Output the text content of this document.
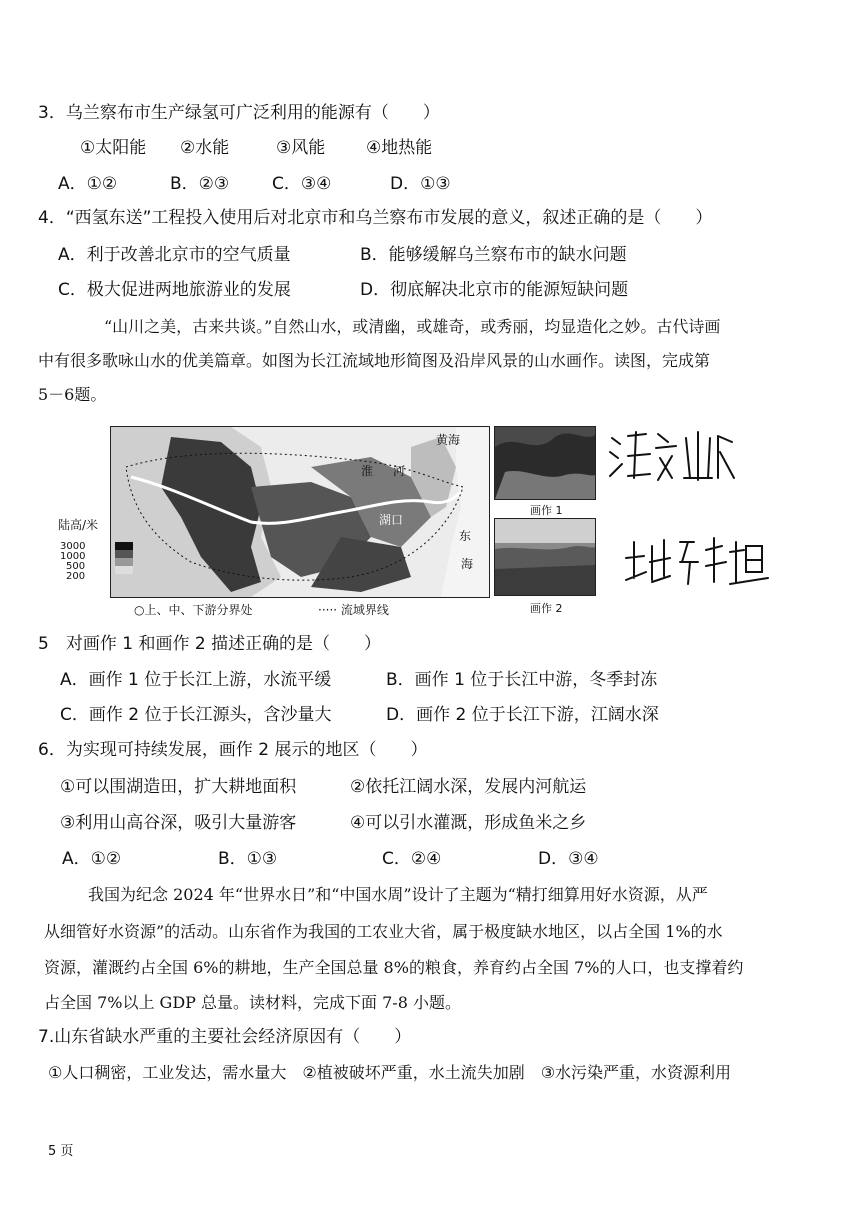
3．乌兰察布市生产绿氢可广泛利用的能源有（　　）
①太阳能 ②水能	③风能 ④地热能
A．①②	B．②③	C．③④	D．①③
4．“西氢东送”工程投入使用后对北京市和乌兰察布市发展的意义，叙述正确的是（　　）
A．利于改善北京市的空气质量	B．能够缓解乌兰察布市的缺水问题
C．极大促进两地旅游业的发展	D．彻底解决北京市的能源短缺问题
“山川之美，古来共谈。”自然山水，或清幽，或雄奇，或秀丽，均显造化之妙。古代诗画
中有很多歌咏山水的优美篇章。如图为长江流域地形简图及沿岸风景的山水画作。读图，完成第
5－6题。
黄海
淮 河
湖口
东
海
陆高/米
3000
1000
500
200
○上、中、下游分界处	····· 流域界线
画作 1
画作 2
5　对画作 1 和画作 2 描述正确的是（　　）
A．画作 1 位于长江上游，水流平缓	B．画作 1 位于长江中游，冬季封冻
C．画作 2 位于长江源头，含沙量大	D．画作 2 位于长江下游，江阔水深
6．为实现可持续发展，画作 2 展示的地区（　　）
①可以围湖造田，扩大耕地面积	②依托江阔水深，发展内河航运
③利用山高谷深，吸引大量游客	④可以引水灌溉，形成鱼米之乡
A．①②	B．①③	C．②④	D．③④
我国为纪念 2024 年“世界水日”和“中国水周”设计了主题为“精打细算用好水资源，从严
从细管好水资源”的活动。山东省作为我国的工农业大省，属于极度缺水地区，以占全国 1%的水
资源，灌溉约占全国 6%的耕地，生产全国总量 8%的粮食，养育约占全国 7%的人口，也支撑着约
占全国 7%以上 GDP 总量。读材料，完成下面 7-8 小题。
7.山东省缺水严重的主要社会经济原因有（　　）
①人口稠密，工业发达，需水量大　②植被破坏严重，水土流失加剧　③水污染严重，水资源利用
5 页
